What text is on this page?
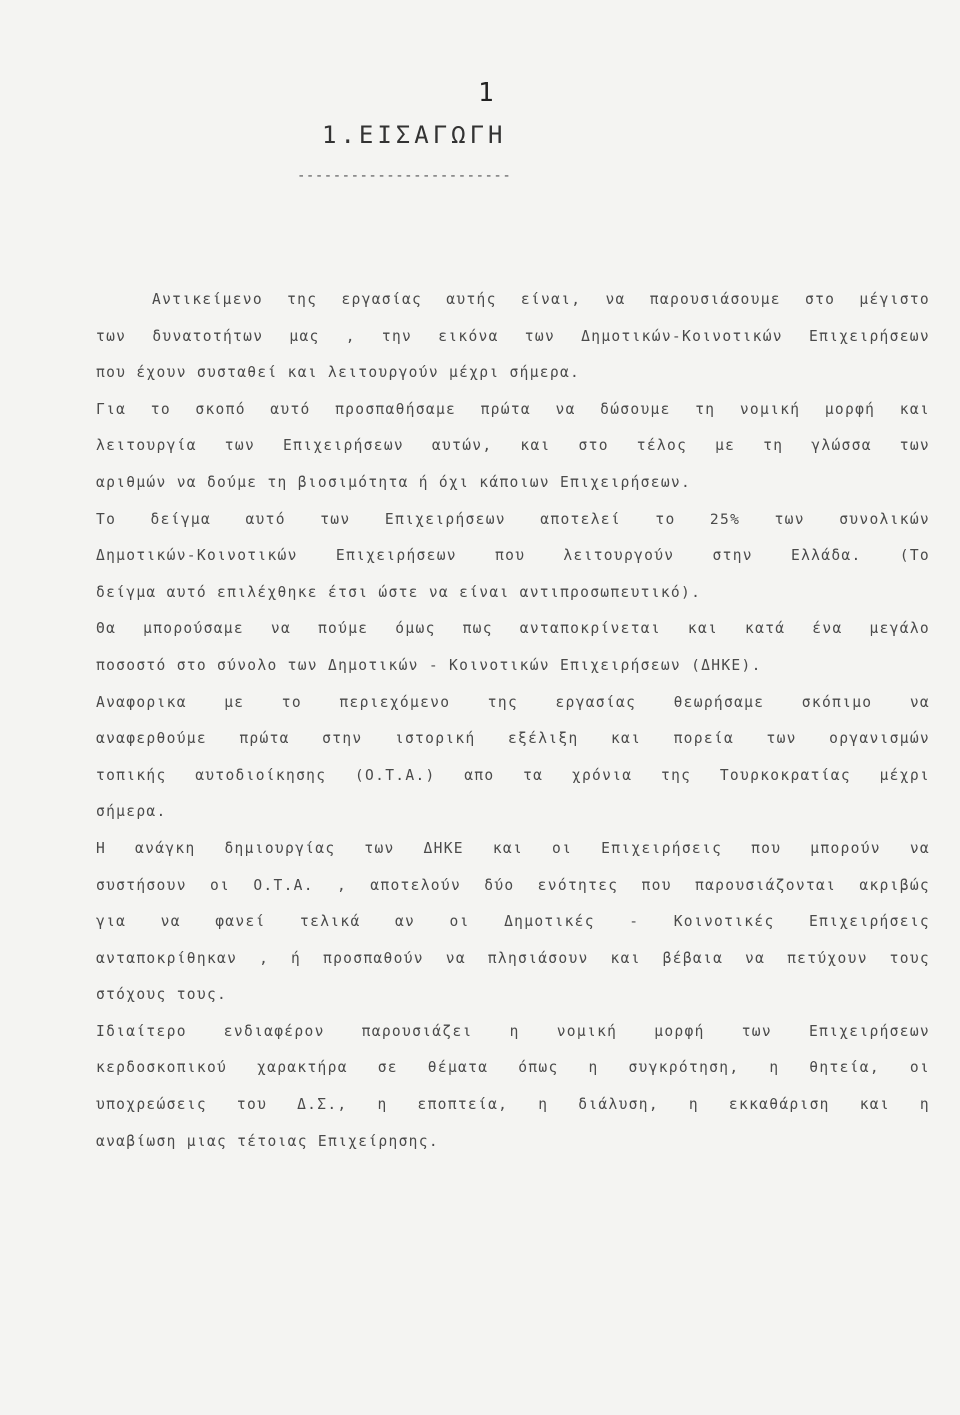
1
1.ΕΙΣΑΓΩΓΗ
------------------------
Αντικείμενο της εργασίας αυτής είναι, να παρουσιάσουμε στο μέγιστο
των δυνατοτήτων μας , την εικόνα των Δημοτικών-Κοινοτικών Επιχειρήσεων
που έχουν συσταθεί και λειτουργούν μέχρι σήμερα.
Για το σκοπό αυτό προσπαθήσαμε πρώτα να δώσουμε τη νομική μορφή και
λειτουργία των Επιχειρήσεων αυτών, και στο τέλος με τη γλώσσα των
αριθμών να δούμε τη βιοσιμότητα ή όχι κάποιων Επιχειρήσεων.
Το δείγμα αυτό των Επιχειρήσεων αποτελεί το 25% των συνολικών
Δημοτικών-Κοινοτικών Επιχειρήσεων που λειτουργούν στην Ελλάδα. (Το
δείγμα αυτό επιλέχθηκε έτσι ώστε να είναι αντιπροσωπευτικό).
Θα μπορούσαμε να πούμε όμως πως ανταποκρίνεται και κατά ένα μεγάλο
ποσοστό στο σύνολο των Δημοτικών - Κοινοτικών Επιχειρήσεων (ΔΗΚΕ).
Αναφορικα με το περιεχόμενο της εργασίας θεωρήσαμε σκόπιμο να
αναφερθούμε πρώτα στην ιστορική εξέλιξη και πορεία των οργανισμών
τοπικής αυτοδιοίκησης (Ο.Τ.Α.) απο τα χρόνια της Τουρκοκρατίας μέχρι
σήμερα.
Η ανάγκη δημιουργίας των ΔΗΚΕ και οι Επιχειρήσεις που μπορούν να
συστήσουν οι Ο.Τ.Α. , αποτελούν δύο ενότητες που παρουσιάζονται ακριβώς
για να φανεί τελικά αν οι Δημοτικές - Κοινοτικές Επιχειρήσεις
ανταποκρίθηκαν , ή προσπαθούν να πλησιάσουν και βέβαια να πετύχουν τους
στόχους τους.
Ιδιαίτερο ενδιαφέρον παρουσιάζει η νομική μορφή των Επιχειρήσεων
κερδοσκοπικού χαρακτήρα σε θέματα όπως η συγκρότηση, η θητεία, οι
υποχρεώσεις του Δ.Σ., η εποπτεία, η διάλυση, η εκκαθάριση και η
αναβίωση μιας τέτοιας Επιχείρησης.
